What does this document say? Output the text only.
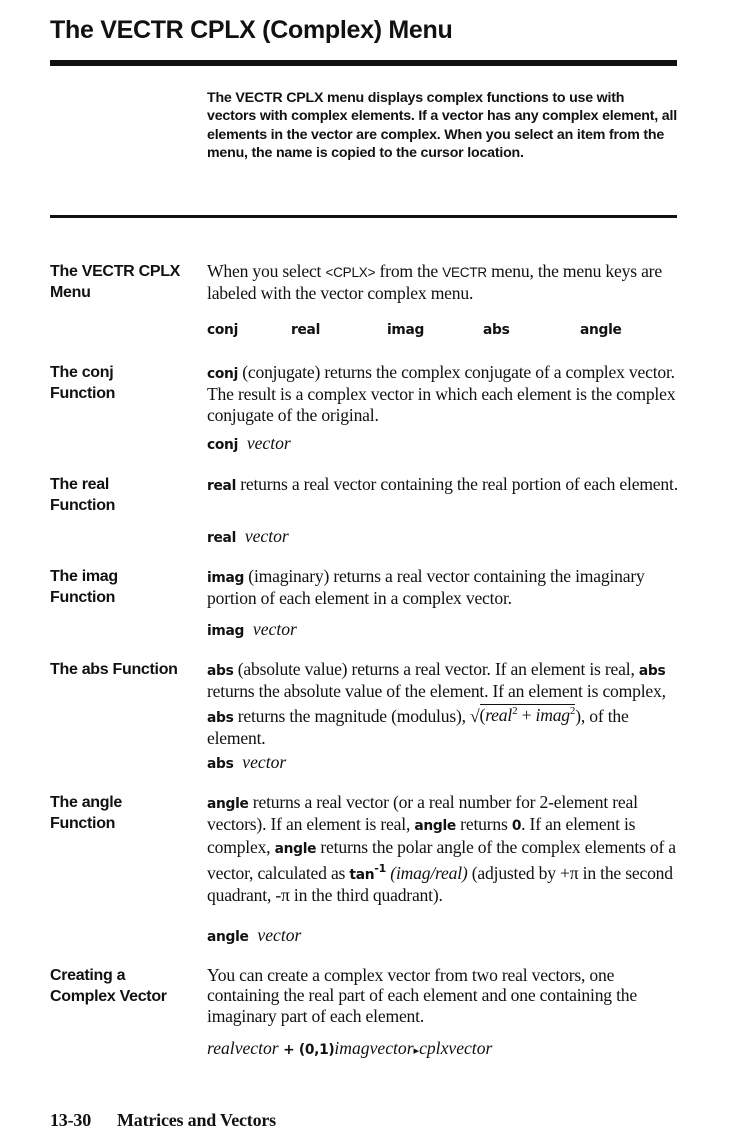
The VECTR CPLX (Complex) Menu

The VECTR CPLX menu displays complex functions to use with vectors with complex elements. If a vector has any complex element, all elements in the vector are complex. When you select an item from the menu, the name is copied to the cursor location.

The VECTR CPLX
Menu

When you select <CPLX> from the VECTR menu, the menu keys are labeled with the vector complex menu.

conj	real	imag	abs	angle

The conj
Function

conj (conjugate) returns the complex conjugate of a complex vector. The result is a complex vector in which each element is the complex conjugate of the original.

conj vector

The real
Function

real returns a real vector containing the real portion of each element.

real vector

The imag
Function

imag (imaginary) returns a real vector containing the imaginary portion of each element in a complex vector.

imag vector

The abs Function	abs (absolute value) returns a real vector. If an element is real, abs returns the absolute value of the element. If an element is complex, abs returns the magnitude (modulus), √(real$^2$ + imag$^2$), of the element.

abs vector

The angle
Function

angle returns a real vector (or a real number for 2-element real vectors). If an element is real, angle returns 0. If an element is complex, angle returns the polar angle of the complex elements of a vector, calculated as $\tan^{-1}$ (imag/real) (adjusted by +π in the second quadrant, -π in the third quadrant).

angle vector

Creating a
Complex Vector

You can create a complex vector from two real vectors, one containing the real part of each element and one containing the imaginary part of each element.

realvector + (0,1)imagvector▸cplxvector

13-30 Matrices and Vectors
